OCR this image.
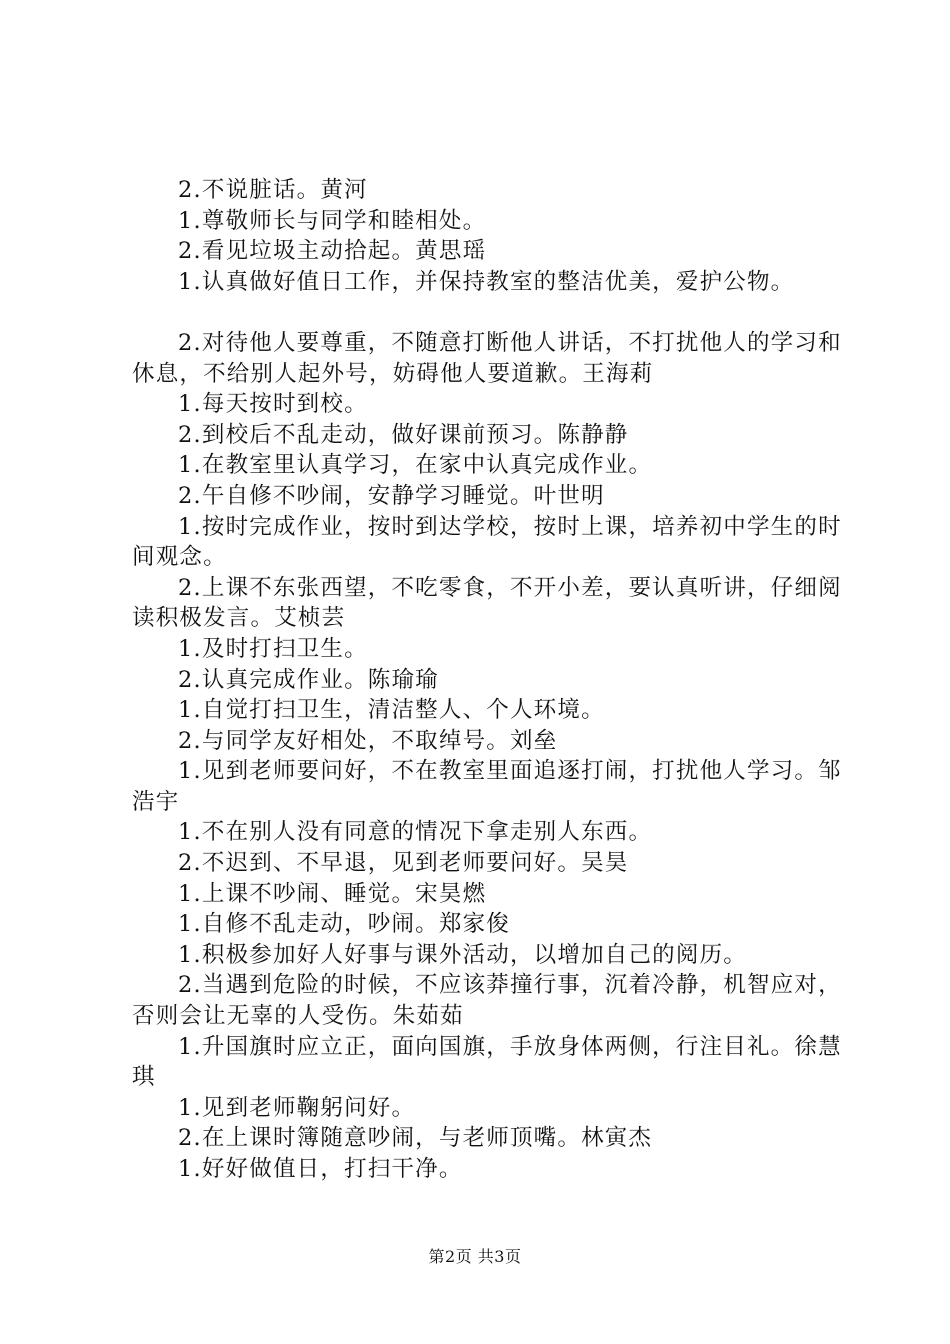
2.不说脏话。黄河

1.尊敬师长与同学和睦相处。

2.看见垃圾主动拾起。黄思瑶

1.认真做好值日工作，并保持教室的整洁优美，爱护公物。

2.对待他人要尊重，不随意打断他人讲话，不打扰他人的学习和休息，不给别人起外号，妨碍他人要道歉。王海莉

1.每天按时到校。

2.到校后不乱走动，做好课前预习。陈静静

1.在教室里认真学习，在家中认真完成作业。

2.午自修不吵闹，安静学习睡觉。叶世明

1.按时完成作业，按时到达学校，按时上课，培养初中学生的时间观念。

2.上课不东张西望，不吃零食，不开小差，要认真听讲，仔细阅读积极发言。艾桢芸

1.及时打扫卫生。

2.认真完成作业。陈瑜瑜

1.自觉打扫卫生，清洁整人、个人环境。

2.与同学友好相处，不取绰号。刘垒

1.见到老师要问好，不在教室里面追逐打闹，打扰他人学习。邹浩宇

1.不在别人没有同意的情况下拿走别人东西。

2.不迟到、不早退，见到老师要问好。吴昊

1.上课不吵闹、睡觉。宋昊燃

1.自修不乱走动，吵闹。郑家俊

1.积极参加好人好事与课外活动，以增加自己的阅历。

2.当遇到危险的时候，不应该莽撞行事，沉着冷静，机智应对，否则会让无辜的人受伤。朱茹茹

1.升国旗时应立正，面向国旗，手放身体两侧，行注目礼。徐慧琪

1.见到老师鞠躬问好。

2.在上课时簿随意吵闹，与老师顶嘴。林寅杰

1.好好做值日，打扫干净。

第2页 共3页
